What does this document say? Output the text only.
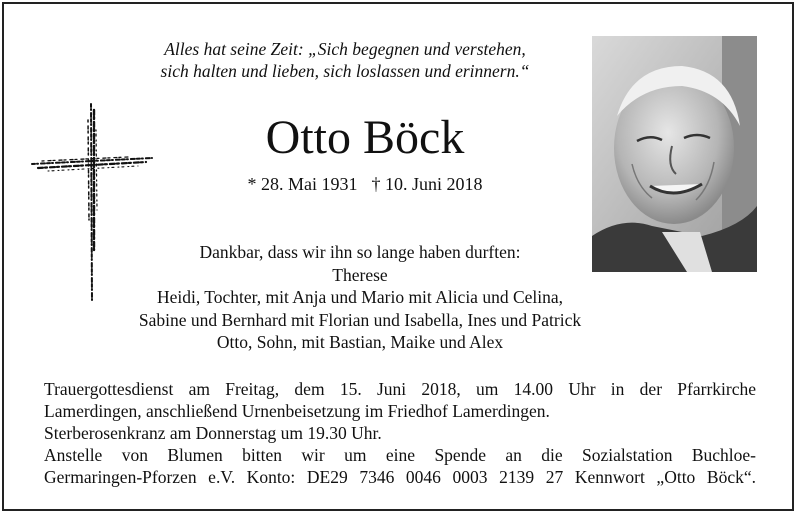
Alles hat seine Zeit: „Sich begegnen und verstehen,
sich halten und lieben, sich loslassen und erinnern.“
Otto Böck
* 28. Mai 1931 † 10. Juni 2018
Dankbar, dass wir ihn so lange haben durften:
Therese
Heidi, Tochter, mit Anja und Mario mit Alicia und Celina,
Sabine und Bernhard mit Florian und Isabella, Ines und Patrick
Otto, Sohn, mit Bastian, Maike und Alex
Trauergottesdienst am Freitag, dem 15. Juni 2018, um 14.00 Uhr in der Pfarrkirche
Lamerdingen, anschließend Urnenbeisetzung im Friedhof Lamerdingen.
Sterberosenkranz am Donnerstag um 19.30 Uhr.
Anstelle von Blumen bitten wir um eine Spende an die Sozialstation Buchloe-
Germaringen-Pforzen e.V. Konto: DE29 7346 0046 0003 2139 27 Kennwort „Otto Böck“.
